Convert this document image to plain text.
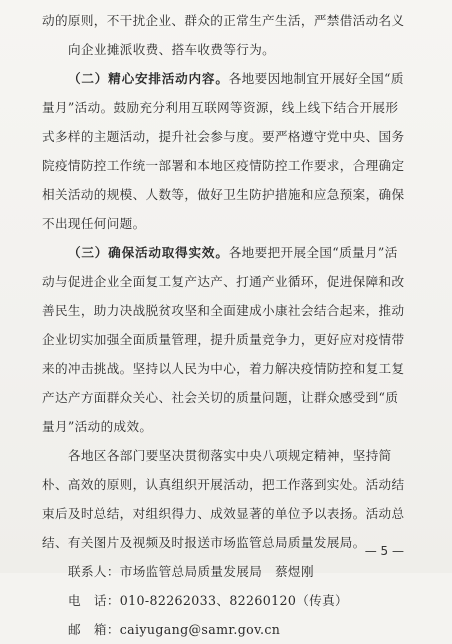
动的原则，不干扰企业、群众的正常生产生活，严禁借活动名义
向企业摊派收费、搭车收费等行为。
（二）精心安排活动内容。各地要因地制宜开展好全国“质
量月”活动。鼓励充分利用互联网等资源，线上线下结合开展形
式多样的主题活动，提升社会参与度。要严格遵守党中央、国务
院疫情防控工作统一部署和本地区疫情防控工作要求，合理确定
相关活动的规模、人数等，做好卫生防护措施和应急预案，确保
不出现任何问题。
（三）确保活动取得实效。各地要把开展全国“质量月”活
动与促进企业全面复工复产达产、打通产业循环，促进保障和改
善民生，助力决战脱贫攻坚和全面建成小康社会结合起来，推动
企业切实加强全面质量管理，提升质量竞争力，更好应对疫情带
来的冲击挑战。坚持以人民为中心，着力解决疫情防控和复工复
产达产方面群众关心、社会关切的质量问题，让群众感受到“质
量月”活动的成效。
各地区各部门要坚决贯彻落实中央八项规定精神，坚持简
朴、高效的原则，认真组织开展活动，把工作落到实处。活动结
束后及时总结，对组织得力、成效显著的单位予以表扬。活动总
结、有关图片及视频及时报送市场监管总局质量发展局。
联系人：市场监管总局质量发展局　蔡煜刚
电　话：010-82262033、82260120（传真）
邮　箱：caiyugang@samr.gov.cn
— 5 —
